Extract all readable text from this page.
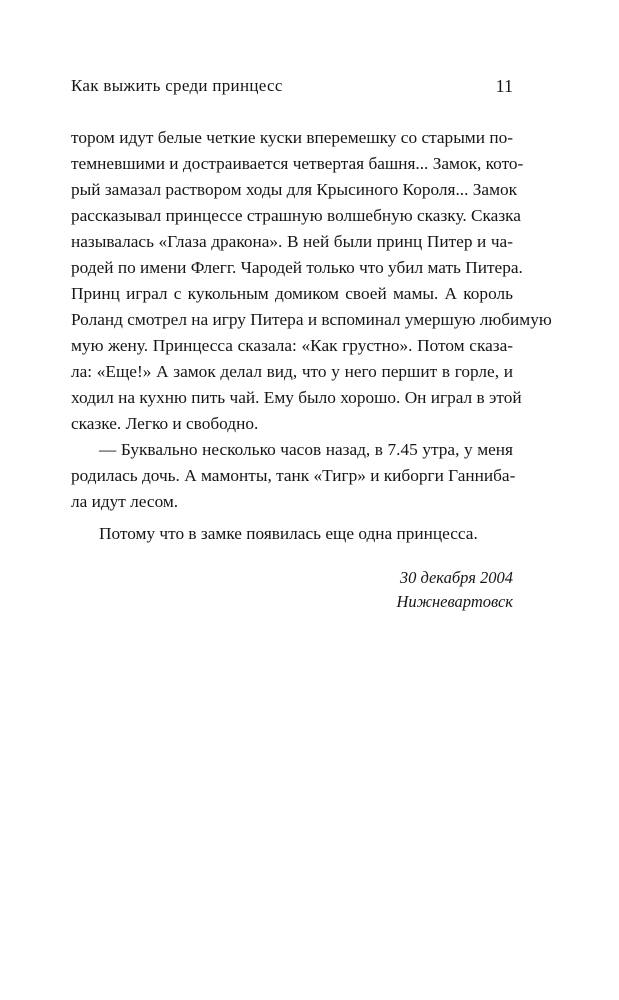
Как выжить среди принцесс	11
тором идут белые четкие куски вперемешку со старыми по-
темневшими и достраивается четвертая башня... Замок, кото-
рый замазал раствором ходы для Крысиного Короля... Замок
рассказывал принцессе страшную волшебную сказку. Сказка
называлась «Глаза дракона». В ней были принц Питер и ча-
родей по имени Флегг. Чародей только что убил мать Питера.
Принц играл с кукольным домиком своей мамы. А король
Роланд смотрел на игру Питера и вспоминал умершую любимую
мую жену. Принцесса сказала: «Как грустно». Потом сказа-
ла: «Еще!» А замок делал вид, что у него першит в горле, и
ходил на кухню пить чай. Ему было хорошо. Он играл в этой
сказке. Легко и свободно.
— Буквально несколько часов назад, в 7.45 утра, у меня
родилась дочь. А мамонты, танк «Тигр» и киборги Ганниба-
ла идут лесом.
Потому что в замке появилась еще одна принцесса.
30 декабря 2004
Нижневартовск
